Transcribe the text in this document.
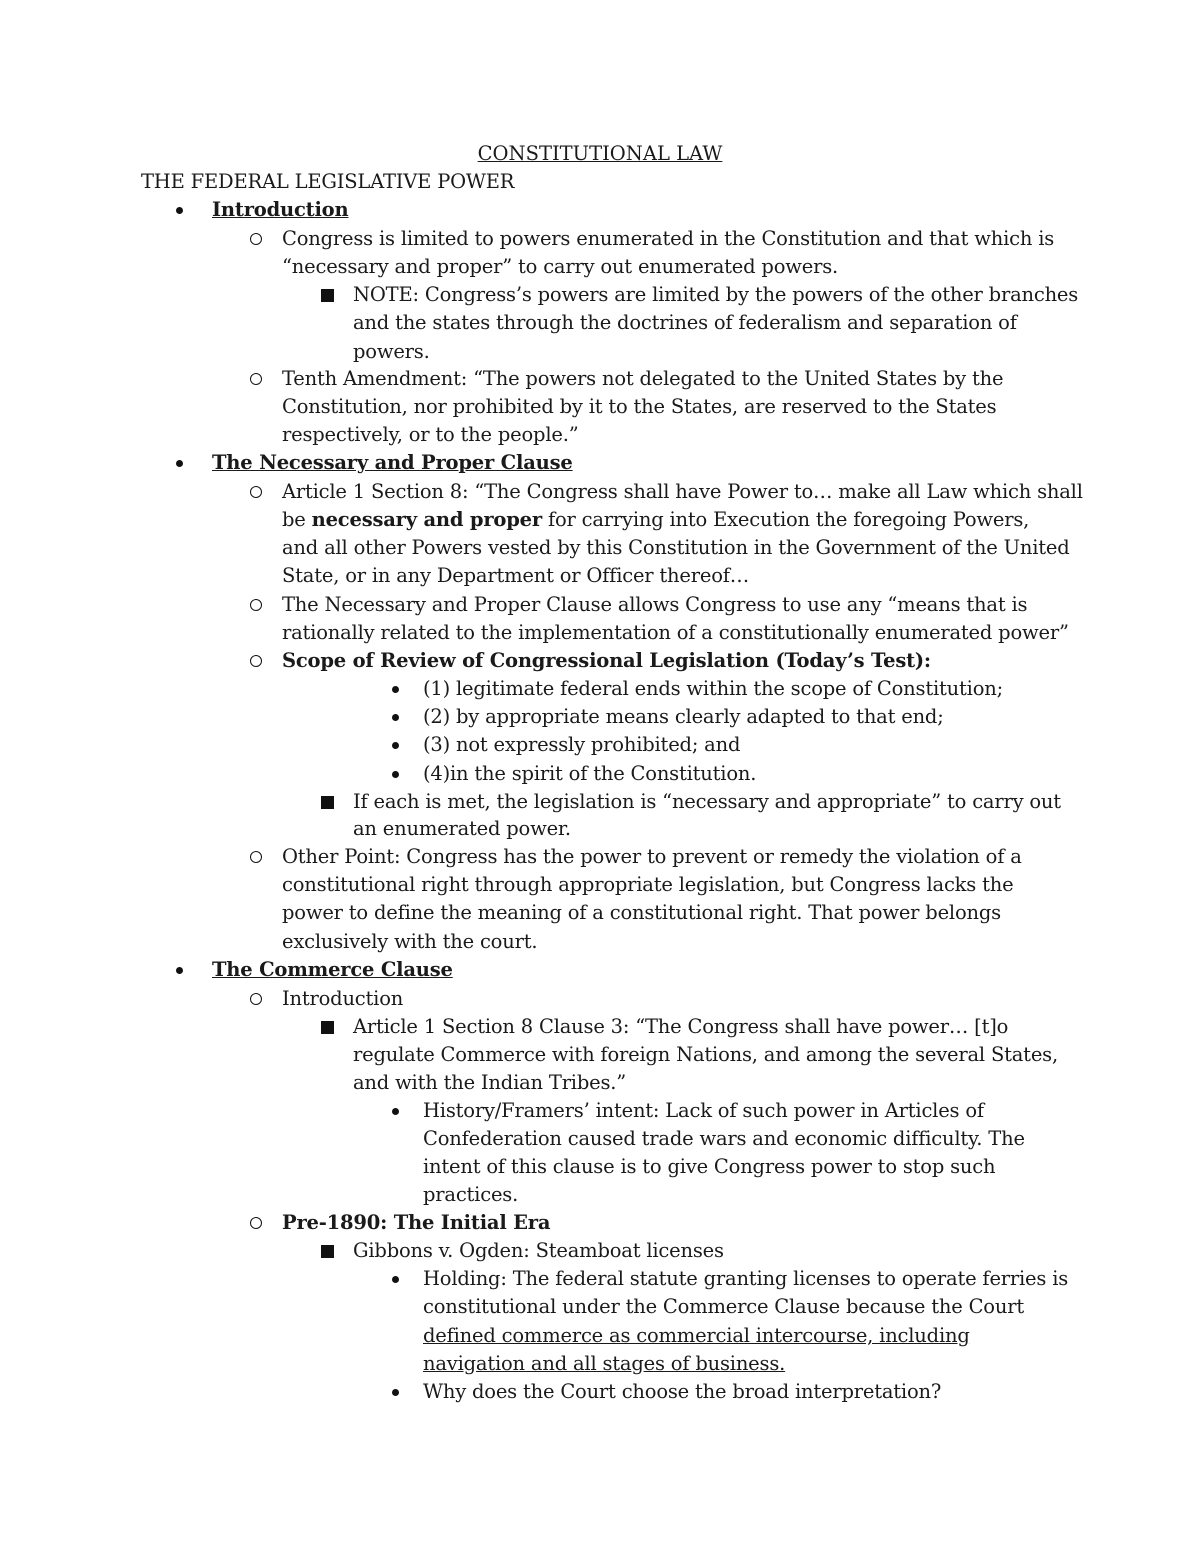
CONSTITUTIONAL LAW
THE FEDERAL LEGISLATIVE POWER
Introduction
Congress is limited to powers enumerated in the Constitution and that which is
“necessary and proper” to carry out enumerated powers.
NOTE: Congress’s powers are limited by the powers of the other branches
and the states through the doctrines of federalism and separation of
powers.
Tenth Amendment: “The powers not delegated to the United States by the
Constitution, nor prohibited by it to the States, are reserved to the States
respectively, or to the people.”
The Necessary and Proper Clause
Article 1 Section 8: “The Congress shall have Power to… make all Law which shall
be necessary and proper for carrying into Execution the foregoing Powers,
and all other Powers vested by this Constitution in the Government of the United
State, or in any Department or Officer thereof…
The Necessary and Proper Clause allows Congress to use any “means that is
rationally related to the implementation of a constitutionally enumerated power”
Scope of Review of Congressional Legislation (Today’s Test):
(1) legitimate federal ends within the scope of Constitution;
(2) by appropriate means clearly adapted to that end;
(3) not expressly prohibited; and
(4)in the spirit of the Constitution.
If each is met, the legislation is “necessary and appropriate” to carry out
an enumerated power.
Other Point: Congress has the power to prevent or remedy the violation of a
constitutional right through appropriate legislation, but Congress lacks the
power to define the meaning of a constitutional right. That power belongs
exclusively with the court.
The Commerce Clause
Introduction
Article 1 Section 8 Clause 3: “The Congress shall have power… [t]o
regulate Commerce with foreign Nations, and among the several States,
and with the Indian Tribes.”
History/Framers’ intent: Lack of such power in Articles of
Confederation caused trade wars and economic difficulty. The
intent of this clause is to give Congress power to stop such
practices.
Pre-1890: The Initial Era
Gibbons v. Ogden: Steamboat licenses
Holding: The federal statute granting licenses to operate ferries is
constitutional under the Commerce Clause because the Court
defined commerce as commercial intercourse, including
navigation and all stages of business.
Why does the Court choose the broad interpretation?
